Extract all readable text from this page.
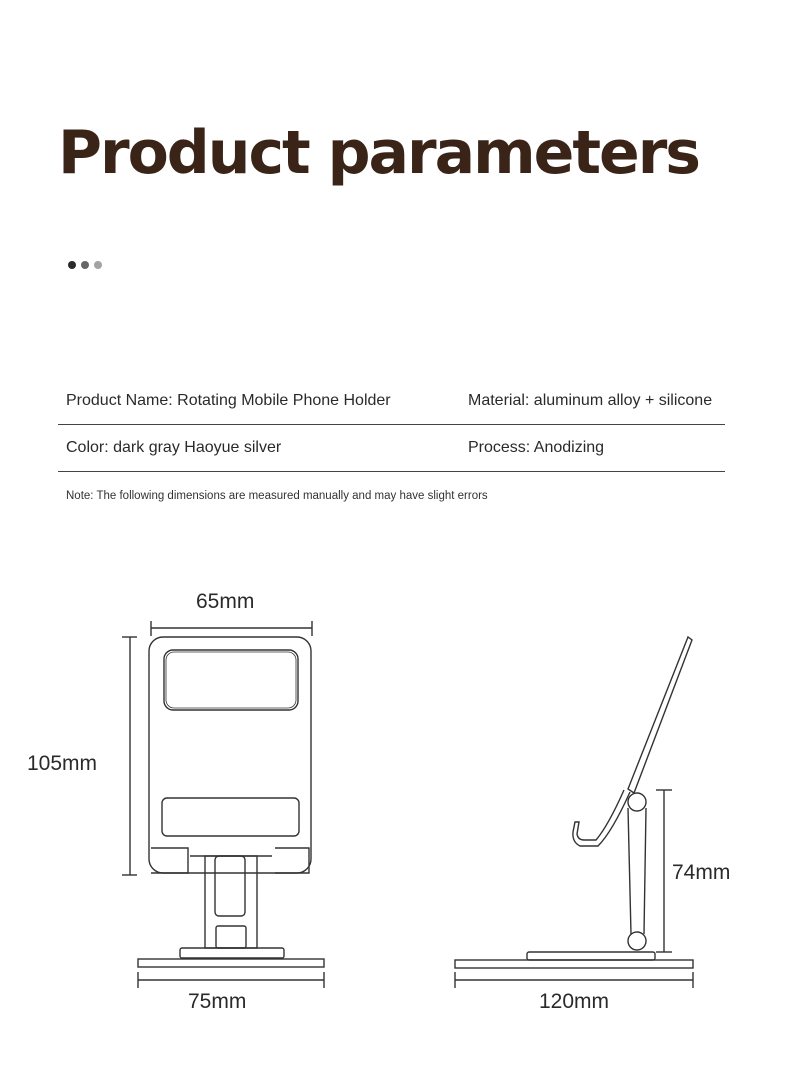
Product parameters
Product Name: Rotating Mobile Phone Holder	Material: aluminum alloy + silicone
Color: dark gray Haoyue silver	Process: Anodizing
Note: The following dimensions are measured manually and may have slight errors
65mm
105mm
75mm
74mm
120mm
